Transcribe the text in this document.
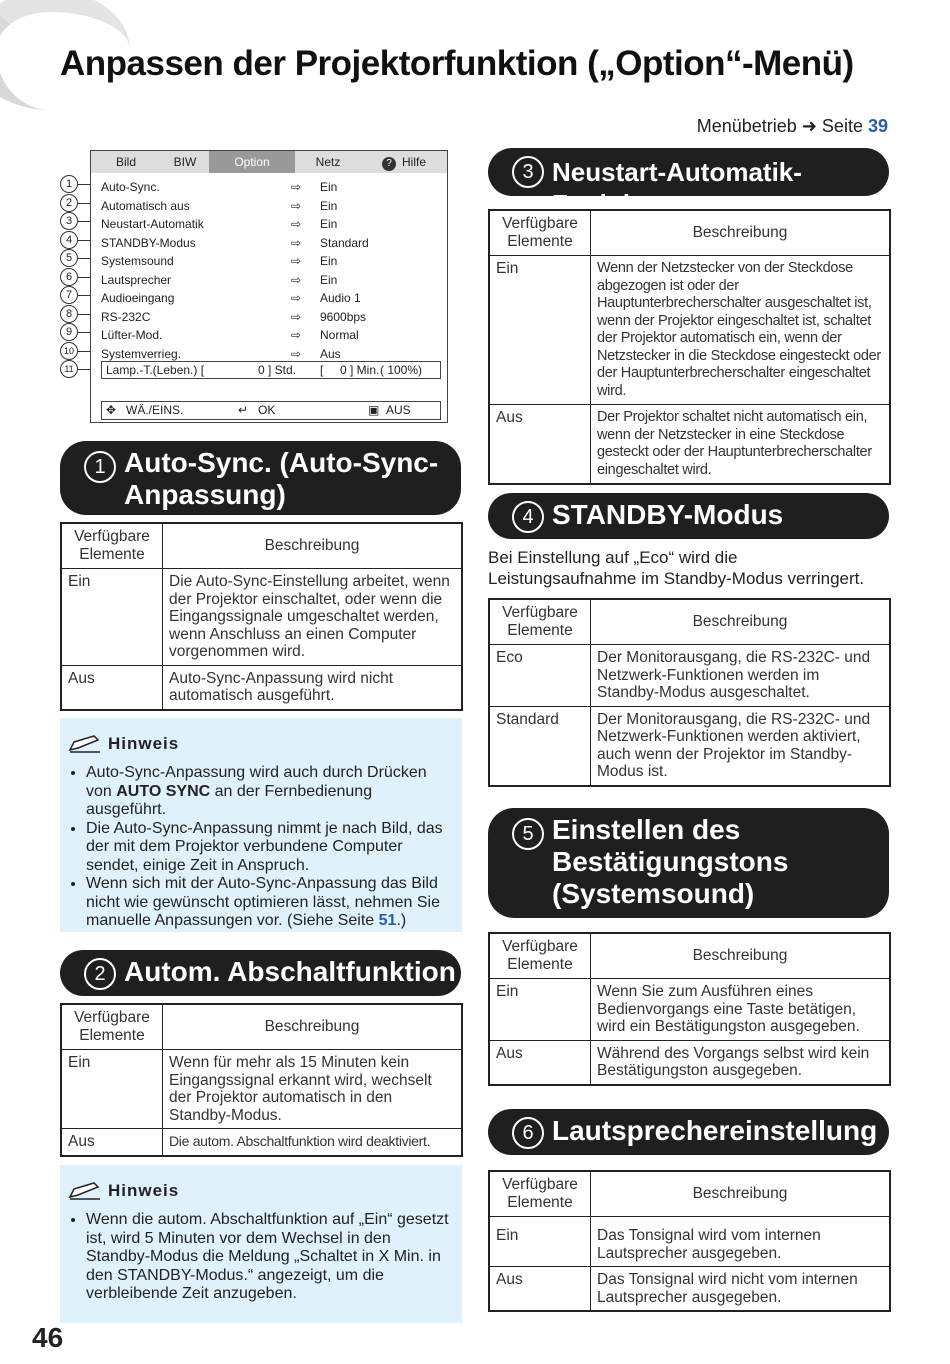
Anpassen der Projektorfunktion („Option“-Menü)
Menübetrieb ➜ Seite 39
1
2
3
4
5
6
7
8
9
10
11
Bild	BIW	Option	Netz	? Hilfe
Auto-Sync.	⇨ Ein
Automatisch aus	⇨ Ein
Neustart-Automatik	⇨ Ein
STANDBY-Modus	⇨ Standard
Systemsound	⇨ Ein
Lautsprecher	⇨ Ein
Audioeingang	⇨ Audio 1
RS-232C	⇨ 9600bps
Lüfter-Mod.	⇨ Normal
Systemverrieg.	⇨ Aus
Lamp.-T.(Leben.) [	0 ] Std. [ 0 ] Min. ( 100%)
✥ WÄ./EINS.	↵ OK	▣ AUS
1 Auto-Sync. (Auto-Sync-Anpassung)
Verfügbare Elemente	Beschreibung
Ein	Die Auto-Sync-Einstellung arbeitet, wenn der Projektor einschaltet, oder wenn die Eingangssignale umgeschaltet werden, wenn Anschluss an einen Computer vorgenommen wird.
Aus	Auto-Sync-Anpassung wird nicht automatisch ausgeführt.
Hinweis
• Auto-Sync-Anpassung wird auch durch Drücken von AUTO SYNC an der Fernbedienung ausgeführt.
• Die Auto-Sync-Anpassung nimmt je nach Bild, das der mit dem Projektor verbundene Computer sendet, einige Zeit in Anspruch.
• Wenn sich mit der Auto-Sync-Anpassung das Bild nicht wie gewünscht optimieren lässt, nehmen Sie manuelle Anpassungen vor. (Siehe Seite 51.)
2 Autom. Abschaltfunktion
Verfügbare Elemente	Beschreibung
Ein	Wenn für mehr als 15 Minuten kein Eingangssignal erkannt wird, wechselt der Projektor automatisch in den Standby-Modus.
Aus	Die autom. Abschaltfunktion wird deaktiviert.
Hinweis
• Wenn die autom. Abschaltfunktion auf „Ein“ gesetzt ist, wird 5 Minuten vor dem Wechsel in den Standby-Modus die Meldung „Schaltet in X Min. in den STANDBY-Modus.“ angezeigt, um die verbleibende Zeit anzugeben.
46
3 Neustart-Automatik-Funktion
Verfügbare Elemente	Beschreibung
Ein	Wenn der Netzstecker von der Steckdose abgezogen ist oder der Hauptunterbrecherschalter ausgeschaltet ist, wenn der Projektor eingeschaltet ist, schaltet der Projektor automatisch ein, wenn der Netzstecker in die Steckdose eingesteckt oder der Hauptunterbrecherschalter eingeschaltet wird.
Aus	Der Projektor schaltet nicht automatisch ein, wenn der Netzstecker in eine Steckdose gesteckt oder der Hauptunterbrecherschalter eingeschaltet wird.
4 STANDBY-Modus
Bei Einstellung auf „Eco“ wird die Leistungsaufnahme im Standby-Modus verringert.
Verfügbare Elemente	Beschreibung
Eco	Der Monitorausgang, die RS-232C- und Netzwerk-Funktionen werden im Standby-Modus ausgeschaltet.
Standard	Der Monitorausgang, die RS-232C- und Netzwerk-Funktionen werden aktiviert, auch wenn der Projektor im Standby-Modus ist.
5 Einstellen des
Bestätigungstons
(Systemsound)
Verfügbare Elemente	Beschreibung
Ein	Wenn Sie zum Ausführen eines Bedienvorgangs eine Taste betätigen, wird ein Bestätigungston ausgegeben.
Aus	Während des Vorgangs selbst wird kein Bestätigungston ausgegeben.
6 Lautsprechereinstellung
Verfügbare Elemente	Beschreibung
Ein	Das Tonsignal wird vom internen Lautsprecher ausgegeben.
Aus	Das Tonsignal wird nicht vom internen Lautsprecher ausgegeben.
